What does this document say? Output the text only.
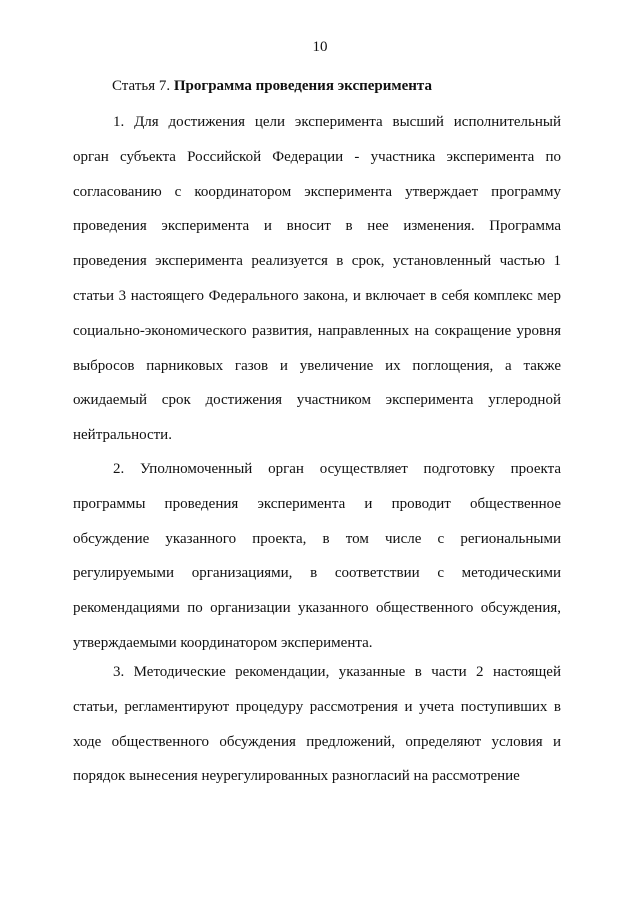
10
Статья 7. Программа проведения эксперимента

1. Для достижения цели эксперимента высший исполнительный орган субъекта Российской Федерации - участника эксперимента по согласованию с координатором эксперимента утверждает программу проведения эксперимента и вносит в нее изменения. Программа проведения эксперимента реализуется в срок, установленный частью 1 статьи 3 настоящего Федерального закона, и включает в себя комплекс мер социально-экономического развития, направленных на сокращение уровня выбросов парниковых газов и увеличение их поглощения, а также ожидаемый срок достижения участником эксперимента углеродной нейтральности.

2. Уполномоченный орган осуществляет подготовку проекта программы проведения эксперимента и проводит общественное обсуждение указанного проекта, в том числе с региональными регулируемыми организациями, в соответствии с методическими рекомендациями по организации указанного общественного обсуждения, утверждаемыми координатором эксперимента.

3. Методические рекомендации, указанные в части 2 настоящей статьи, регламентируют процедуру рассмотрения и учета поступивших в ходе общественного обсуждения предложений, определяют условия и порядок вынесения неурегулированных разногласий на рассмотрение
